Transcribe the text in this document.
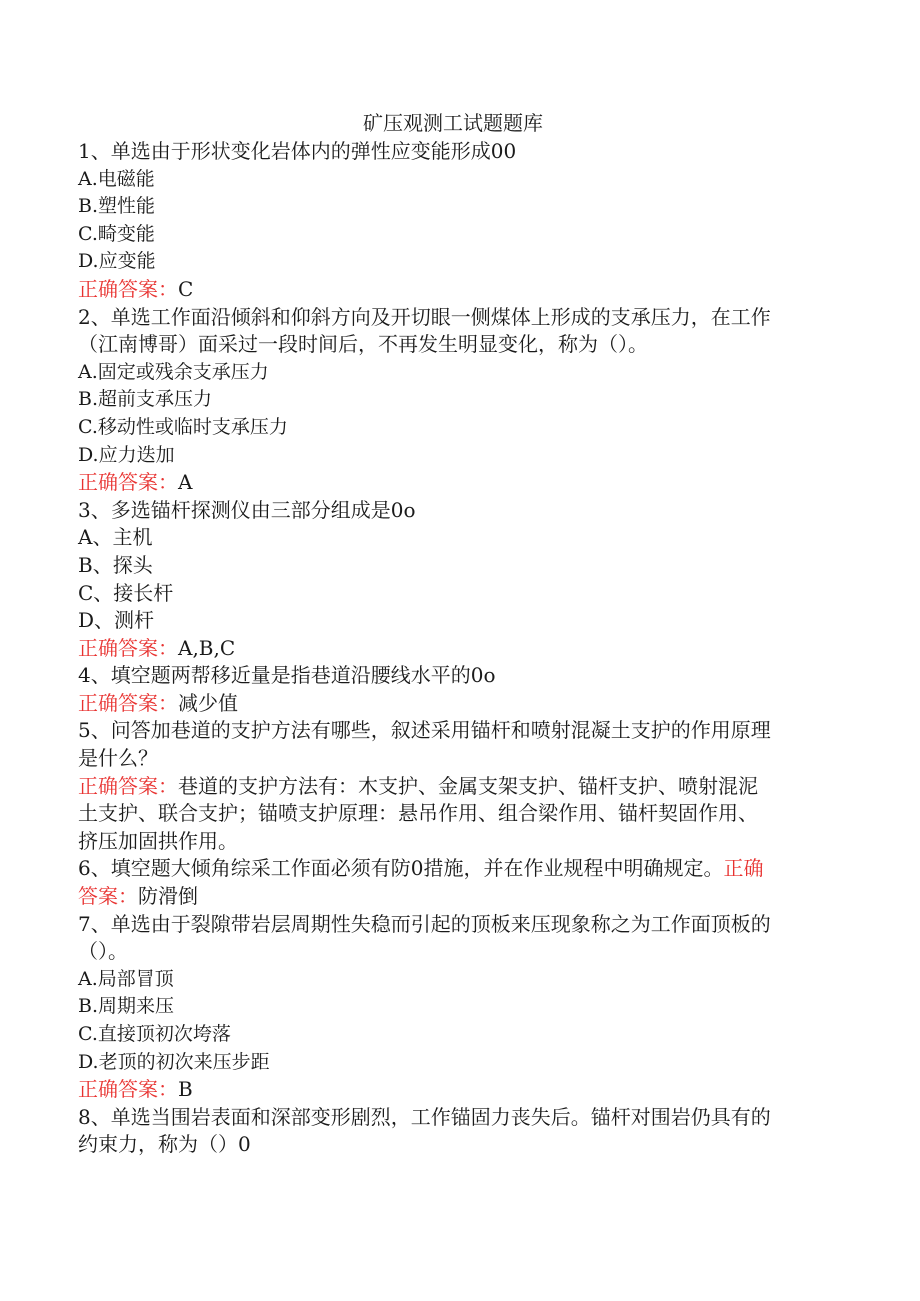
矿压观测工试题题库

1、单选由于形状变化岩体内的弹性应变能形成00

A.电磁能

B.塑性能

C.畸变能

D.应变能

正确答案：C

2、单选工作面沿倾斜和仰斜方向及开切眼一侧煤体上形成的支承压力，在工作

（江南博哥）面采过一段时间后，不再发生明显变化，称为（）。

A.固定或残余支承压力

B.超前支承压力

C.移动性或临时支承压力

D.应力迭加

正确答案：A

3、多选锚杆探测仪由三部分组成是0o

A、主机

B、探头

C、接长杆

D、测杆

正确答案：A,B,C

4、填空题两帮移近量是指巷道沿腰线水平的0o

正确答案：减少值

5、问答加巷道的支护方法有哪些，叙述采用锚杆和喷射混凝土支护的作用原理

是什么？

正确答案：巷道的支护方法有：木支护、金属支架支护、锚杆支护、喷射混泥

土支护、联合支护；锚喷支护原理：悬吊作用、组合梁作用、锚杆契固作用、

挤压加固拱作用。

6、填空题大倾角综采工作面必须有防0措施，并在作业规程中明确规定。正确

答案：防滑倒

7、单选由于裂隙带岩层周期性失稳而引起的顶板来压现象称之为工作面顶板的

（）。

A.局部冒顶

B.周期来压

C.直接顶初次垮落

D.老顶的初次来压步距

正确答案：B

8、单选当围岩表面和深部变形剧烈，工作锚固力丧失后。锚杆对围岩仍具有的

约束力，称为（）0
